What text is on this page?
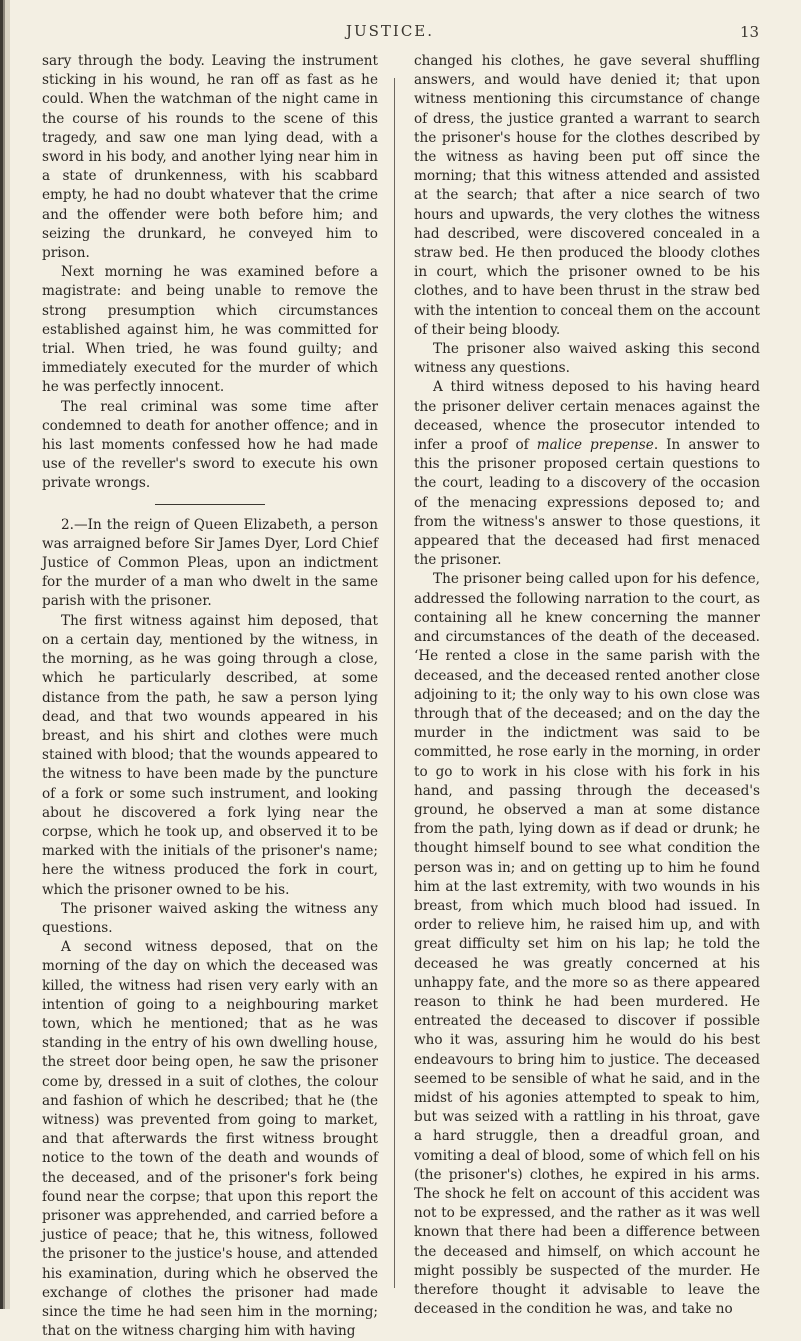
JUSTICE.	13

sary through the body. Leaving the instrument sticking in his wound, he ran off as fast as he could. When the watchman of the night came in the course of his rounds to the scene of this tragedy, and saw one man lying dead, with a sword in his body, and another lying near him in a state of drunkenness, with his scabbard empty, he had no doubt whatever that the crime and the offender were both before him; and seizing the drunkard, he conveyed him to prison.

Next morning he was examined before a magistrate: and being unable to remove the strong presumption which circumstances established against him, he was committed for trial. When tried, he was found guilty; and immediately executed for the murder of which he was perfectly innocent.

The real criminal was some time after condemned to death for another offence; and in his last moments confessed how he had made use of the reveller's sword to execute his own private wrongs.

2.—In the reign of Queen Elizabeth, a person was arraigned before Sir James Dyer, Lord Chief Justice of Common Pleas, upon an indictment for the murder of a man who dwelt in the same parish with the prisoner.

The first witness against him deposed, that on a certain day, mentioned by the witness, in the morning, as he was going through a close, which he particularly described, at some distance from the path, he saw a person lying dead, and that two wounds appeared in his breast, and his shirt and clothes were much stained with blood; that the wounds appeared to the witness to have been made by the puncture of a fork or some such instrument, and looking about he discovered a fork lying near the corpse, which he took up, and observed it to be marked with the initials of the prisoner's name; here the witness produced the fork in court, which the prisoner owned to be his.

The prisoner waived asking the witness any questions.

A second witness deposed, that on the morning of the day on which the deceased was killed, the witness had risen very early with an intention of going to a neighbouring market town, which he mentioned; that as he was standing in the entry of his own dwelling house, the street door being open, he saw the prisoner come by, dressed in a suit of clothes, the colour and fashion of which he described; that he (the witness) was prevented from going to market, and that afterwards the first witness brought notice to the town of the death and wounds of the deceased, and of the prisoner's fork being found near the corpse; that upon this report the prisoner was apprehended, and carried before a justice of peace; that he, this witness, followed the prisoner to the justice's house, and attended his examination, during which he observed the exchange of clothes the prisoner had made since the time he had seen him in the morning; that on the witness charging him with having

changed his clothes, he gave several shuffling answers, and would have denied it; that upon witness mentioning this circumstance of change of dress, the justice granted a warrant to search the prisoner's house for the clothes described by the witness as having been put off since the morning; that this witness attended and assisted at the search; that after a nice search of two hours and upwards, the very clothes the witness had described, were discovered concealed in a straw bed. He then produced the bloody clothes in court, which the prisoner owned to be his clothes, and to have been thrust in the straw bed with the intention to conceal them on the account of their being bloody.

The prisoner also waived asking this second witness any questions.

A third witness deposed to his having heard the prisoner deliver certain menaces against the deceased, whence the prosecutor intended to infer a proof of malice prepense. In answer to this the prisoner proposed certain questions to the court, leading to a discovery of the occasion of the menacing expressions deposed to; and from the witness's answer to those questions, it appeared that the deceased had first menaced the prisoner.

The prisoner being called upon for his defence, addressed the following narration to the court, as containing all he knew concerning the manner and circumstances of the death of the deceased. ‘He rented a close in the same parish with the deceased, and the deceased rented another close adjoining to it; the only way to his own close was through that of the deceased; and on the day the murder in the indictment was said to be committed, he rose early in the morning, in order to go to work in his close with his fork in his hand, and passing through the deceased's ground, he observed a man at some distance from the path, lying down as if dead or drunk; he thought himself bound to see what condition the person was in; and on getting up to him he found him at the last extremity, with two wounds in his breast, from which much blood had issued. In order to relieve him, he raised him up, and with great difficulty set him on his lap; he told the deceased he was greatly concerned at his unhappy fate, and the more so as there appeared reason to think he had been murdered. He entreated the deceased to discover if possible who it was, assuring him he would do his best endeavours to bring him to justice. The deceased seemed to be sensible of what he said, and in the midst of his agonies attempted to speak to him, but was seized with a rattling in his throat, gave a hard struggle, then a dreadful groan, and vomiting a deal of blood, some of which fell on his (the prisoner's) clothes, he expired in his arms. The shock he felt on account of this accident was not to be expressed, and the rather as it was well known that there had been a difference between the deceased and himself, on which account he might possibly be suspected of the murder. He therefore thought it advisable to leave the deceased in the condition he was, and take no
